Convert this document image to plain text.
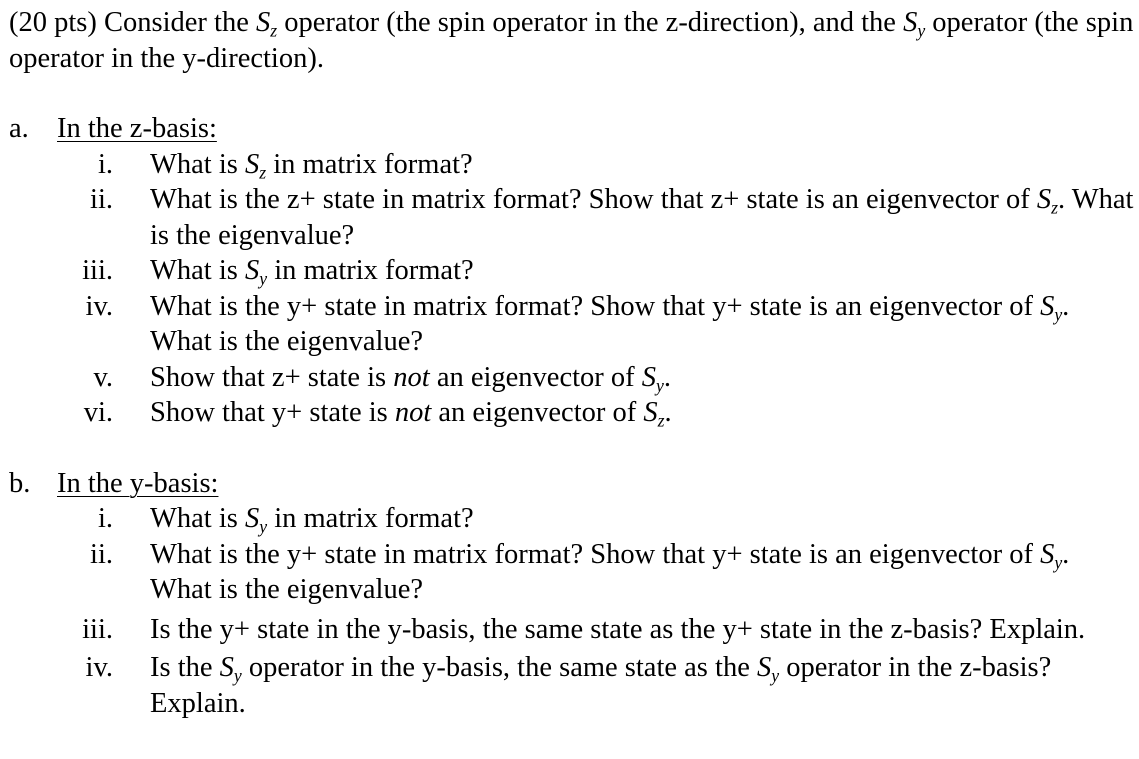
(20 pts) Consider the $S_z$ operator (the spin operator in the z-direction), and the $S_y$ operator (the spin operator in the y-direction).

a. In the z-basis:
i. What is $S_z$ in matrix format?
ii. What is the z+ state in matrix format? Show that z+ state is an eigenvector of $S_z$. What is the eigenvalue?
iii. What is $S_y$ in matrix format?
iv. What is the y+ state in matrix format? Show that y+ state is an eigenvector of $S_y$. What is the eigenvalue?
v. Show that z+ state is not an eigenvector of $S_y$.
vi. Show that y+ state is not an eigenvector of $S_z$.
b. In the y-basis:
i. What is $S_y$ in matrix format?
ii. What is the y+ state in matrix format? Show that y+ state is an eigenvector of $S_y$. What is the eigenvalue?
iii. Is the y+ state in the y-basis, the same state as the y+ state in the z-basis? Explain.
iv. Is the $S_y$ operator in the y-basis, the same state as the $S_y$ operator in the z-basis? Explain.
